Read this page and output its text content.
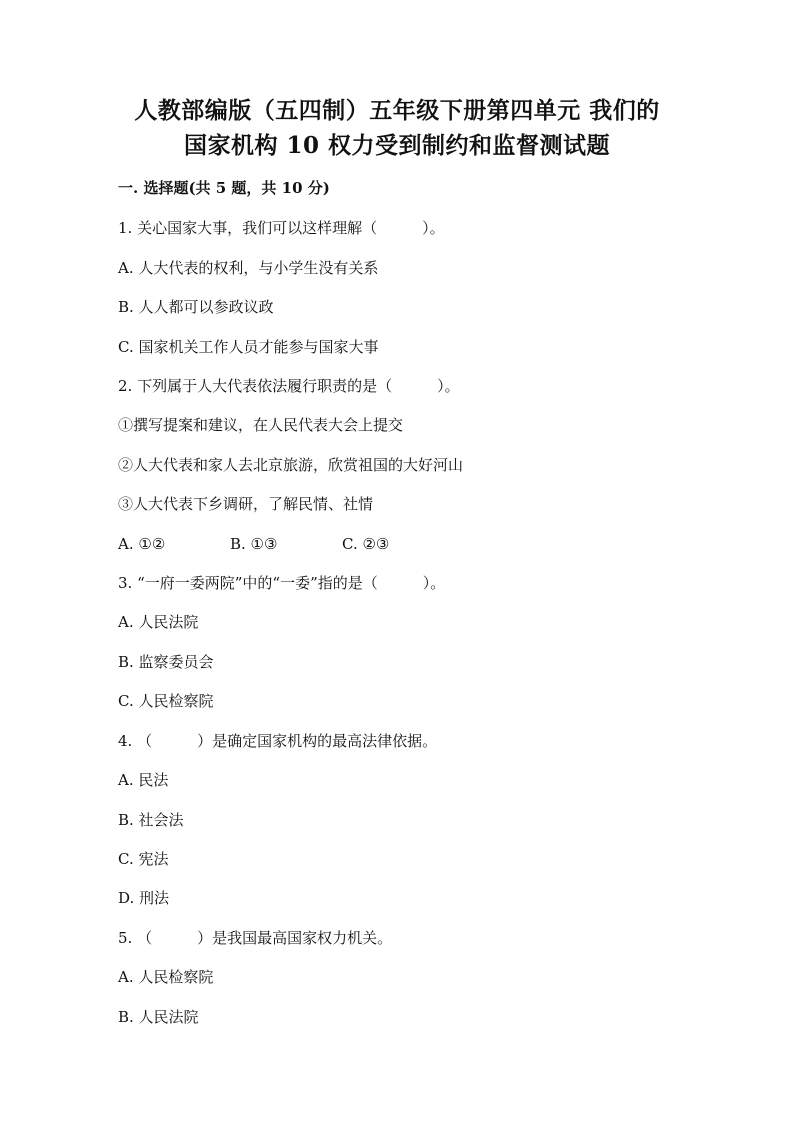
人教部编版（五四制）五年级下册第四单元 我们的
国家机构 10 权力受到制约和监督测试题
一. 选择题(共 5 题，共 10 分)
1. 关心国家大事，我们可以这样理解（　　　）。
A. 人大代表的权利，与小学生没有关系
B. 人人都可以参政议政
C. 国家机关工作人员才能参与国家大事
2. 下列属于人大代表依法履行职责的是（　　　）。
①撰写提案和建议，在人民代表大会上提交
②人大代表和家人去北京旅游，欣赏祖国的大好河山
③人大代表下乡调研，了解民情、社情
A. ①②	B. ①③	C. ②③
3. “一府一委两院”中的“一委”指的是（　　　）。
A. 人民法院
B. 监察委员会
C. 人民检察院
4. （　　　）是确定国家机构的最高法律依据。
A. 民法
B. 社会法
C. 宪法
D. 刑法
5. （　　　）是我国最高国家权力机关。
A. 人民检察院
B. 人民法院
